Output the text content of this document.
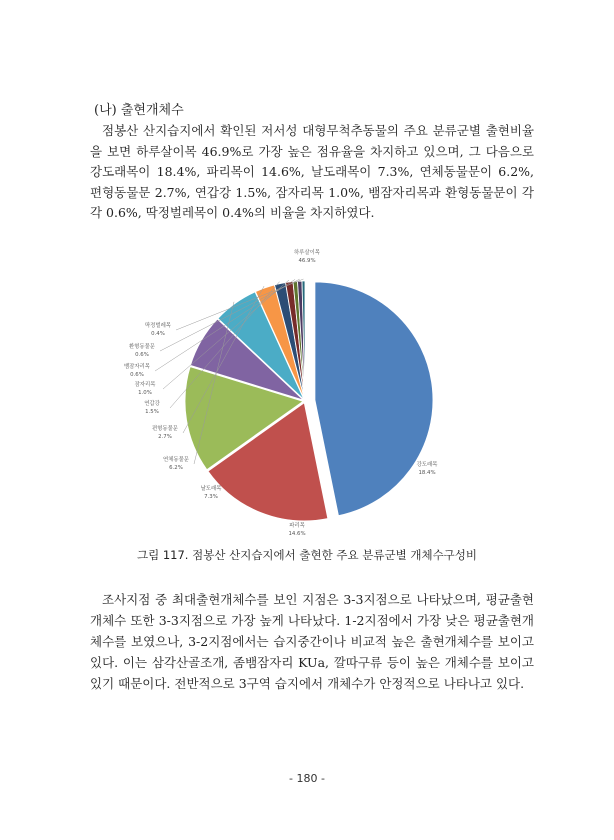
(나) 출현개체수

점봉산 산지습지에서 확인된 저서성 대형무척추동물의 주요 분류군별 출현비율을 보면 하루살이목 46.9%로 가장 높은 점유율을 차지하고 있으며, 그 다음으로 강도래목이 18.4%, 파리목이 14.6%, 날도래목이 7.3%, 연체동물문이 6.2%, 편형동물문 2.7%, 연갑강 1.5%, 잠자리목 1.0%, 뱀잠자리목과 환형동물문이 각각 0.6%, 딱정벌레목이 0.4%의 비율을 차지하였다.

하루살이목
46.9%
강도래목
18.4%
파리목
14.6%
날도래목
7.3%
연체동물문
6.2%
편형동물문
2.7%
연갑강
1.5%
잠자리목
1.0%
뱀잠자리목
0.6%
환형동물문
0.6%
딱정벌레목
0.4%
그림 117. 점봉산 산지습지에서 출현한 주요 분류군별 개체수구성비

조사지점 중 최대출현개체수를 보인 지점은 3-3지점으로 나타났으며, 평균출현개체수 또한 3-3지점으로 가장 높게 나타났다. 1-2지점에서 가장 낮은 평균출현개체수를 보였으나, 3-2지점에서는 습지중간이나 비교적 높은 출현개체수를 보이고 있다. 이는 삼각산골조개, 좀뱀잠자리 KUa, 깔따구류 등이 높은 개체수를 보이고 있기 때문이다. 전반적으로 3구역 습지에서 개체수가 안정적으로 나타나고 있다.

- 180 -
